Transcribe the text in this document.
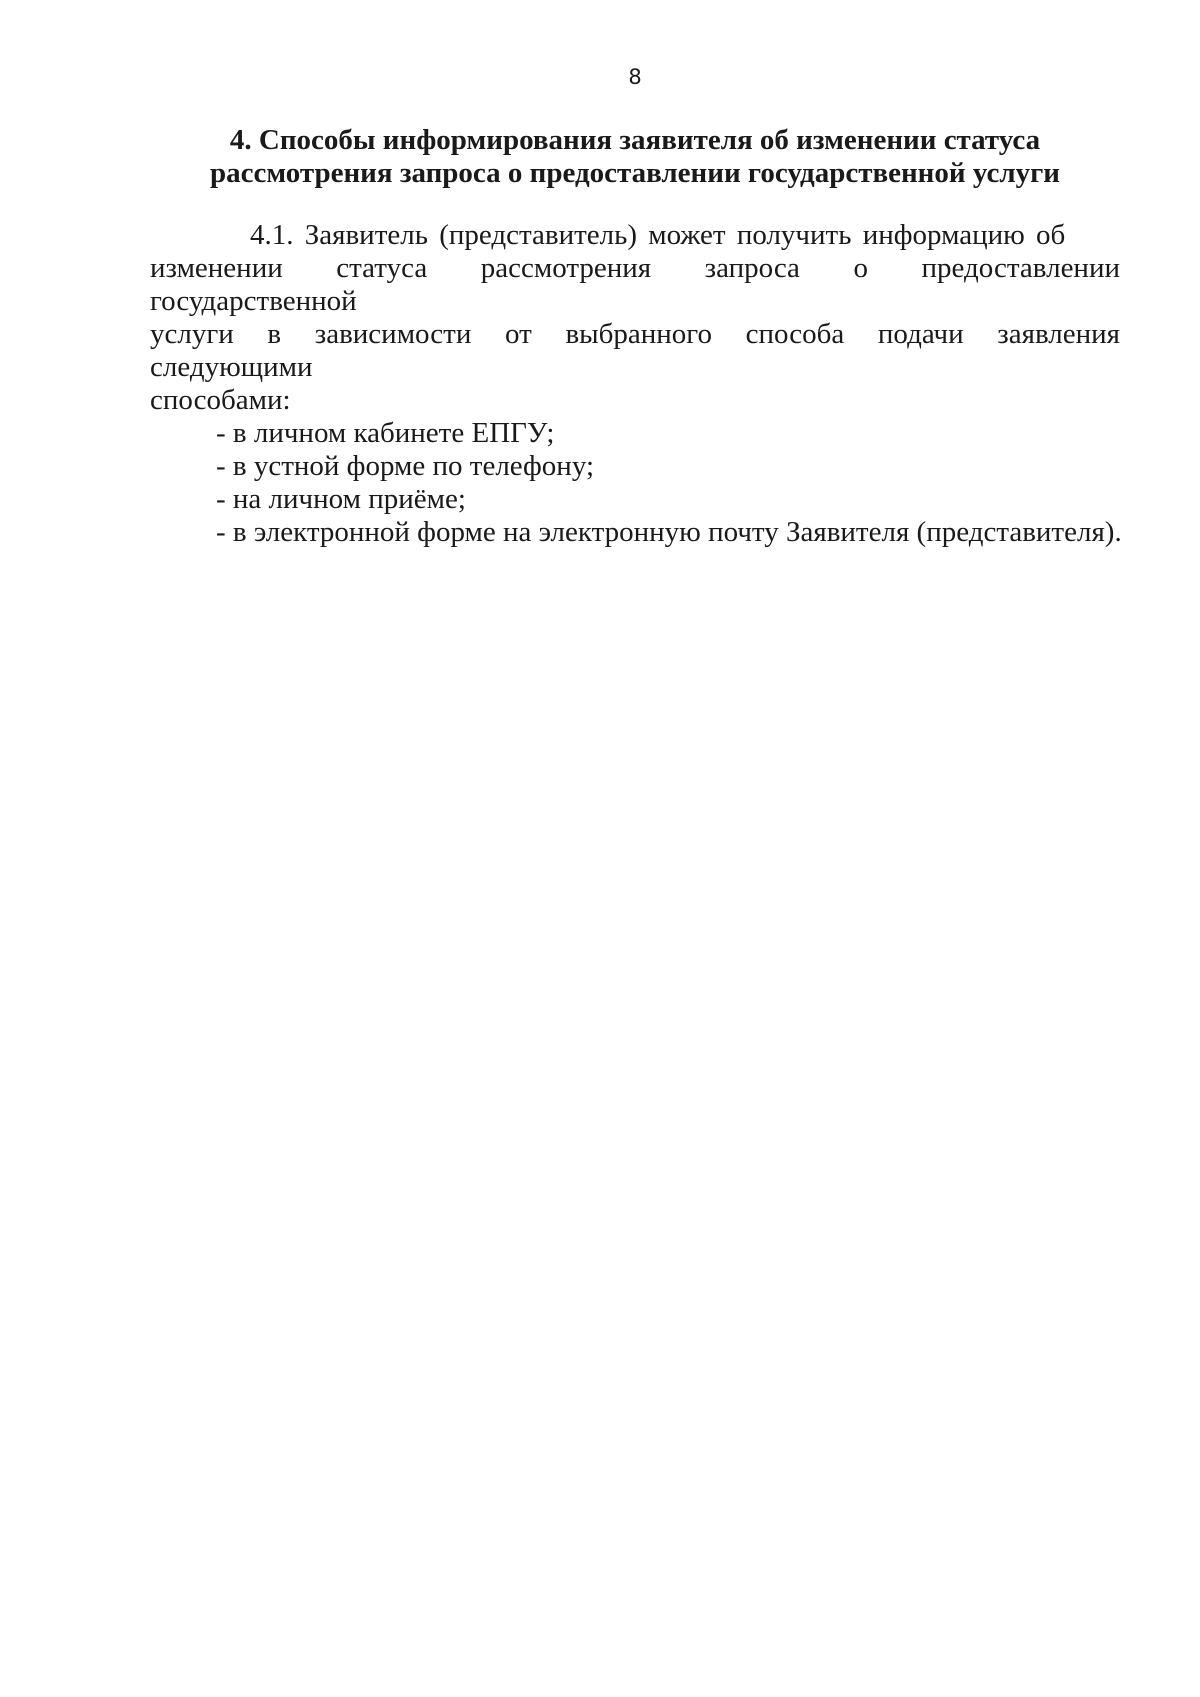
8
4. Способы информирования заявителя об изменении статуса
рассмотрения запроса о предоставлении государственной услуги

4.1. Заявитель (представитель) может получить информацию об

изменении статуса рассмотрения запроса о предоставлении государственной

услуги в зависимости от выбранного способа подачи заявления следующими

способами:

- в личном кабинете ЕПГУ;
- в устной форме по телефону;
- на личном приёме;
- в электронной форме на электронную почту Заявителя (представителя).
